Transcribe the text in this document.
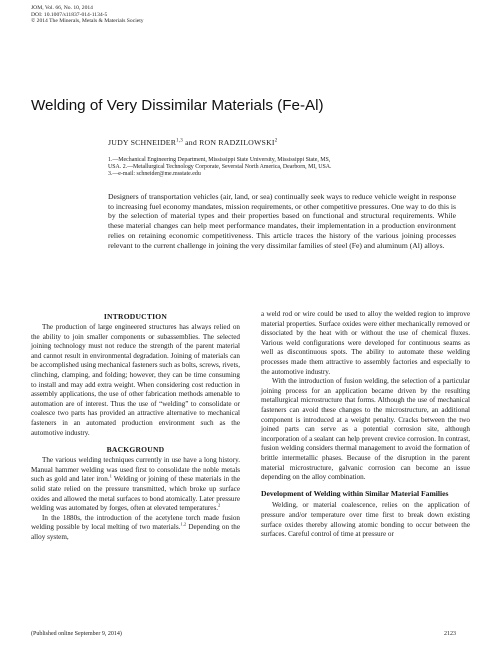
JOM, Vol. 66, No. 10, 2014
DOI: 10.1007/s11837-014-1134-5
© 2014 The Minerals, Metals & Materials Society
Welding of Very Dissimilar Materials (Fe-Al)
JUDY SCHNEIDER$^{1,3}$ and RON RADZILOWSKI$^2$
1.—Mechanical Engineering Department, Mississippi State University, Mississippi State, MS,
USA. 2.—Metallurgical Technology Corporate, Severstal North America, Dearborn, MI, USA.
3.—e-mail: schneider@me.msstate.edu
Designers of transportation vehicles (air, land, or sea) continually seek ways to reduce vehicle weight in response to increasing fuel economy mandates, mission requirements, or other competitive pressures. One way to do this is by the selection of material types and their properties based on functional and structural requirements. While these material changes can help meet performance mandates, their implementation in a production environment relies on retaining economic competitiveness. This article traces the history of the various joining processes relevant to the current challenge in joining the very dissimilar families of steel (Fe) and aluminum (Al) alloys.
INTRODUCTION

The production of large engineered structures has always relied on the ability to join smaller components or subassemblies. The selected joining technology must not reduce the strength of the parent material and cannot result in environmental degradation. Joining of materials can be accomplished using mechanical fasteners such as bolts, screws, rivets, clinching, clamping, and folding; however, they can be time consuming to install and may add extra weight. When considering cost reduction in assembly applications, the use of other fabrication methods amenable to automation are of interest. Thus the use of “welding” to consolidate or coalesce two parts has provided an attractive alternative to mechanical fasteners in an automated production environment such as the automotive industry.

BACKGROUND

The various welding techniques currently in use have a long history. Manual hammer welding was used first to consolidate the noble metals such as gold and later iron.$^1$ Welding or joining of these materials in the solid state relied on the pressure transmitted, which broke up surface oxides and allowed the metal surfaces to bond atomically. Later pressure welding was automated by forges, often at elevated temperatures.$^2$

In the 1880s, the introduction of the acetylene torch made fusion welding possible by local melting of two materials.$^{1,2}$ Depending on the alloy system,

a weld rod or wire could be used to alloy the welded region to improve material properties. Surface oxides were either mechanically removed or dissociated by the heat with or without the use of chemical fluxes. Various weld configurations were developed for continuous seams as well as discontinuous spots. The ability to automate these welding processes made them attractive to assembly factories and especially to the automotive industry.

With the introduction of fusion welding, the selection of a particular joining process for an application became driven by the resulting metallurgical microstructure that forms. Although the use of mechanical fasteners can avoid these changes to the microstructure, an additional component is introduced at a weight penalty. Cracks between the two joined parts can serve as a potential corrosion site, although incorporation of a sealant can help prevent crevice corrosion. In contrast, fusion welding considers thermal management to avoid the formation of brittle intermetallic phases. Because of the disruption in the parent material microstructure, galvanic corrosion can become an issue depending on the alloy combination.

Development of Welding within Similar Material Families

Welding, or material coalescence, relies on the application of pressure and/or temperature over time first to break down existing surface oxides thereby allowing atomic bonding to occur between the surfaces. Careful control of time at pressure or

(Published online September 9, 2014)	2123
